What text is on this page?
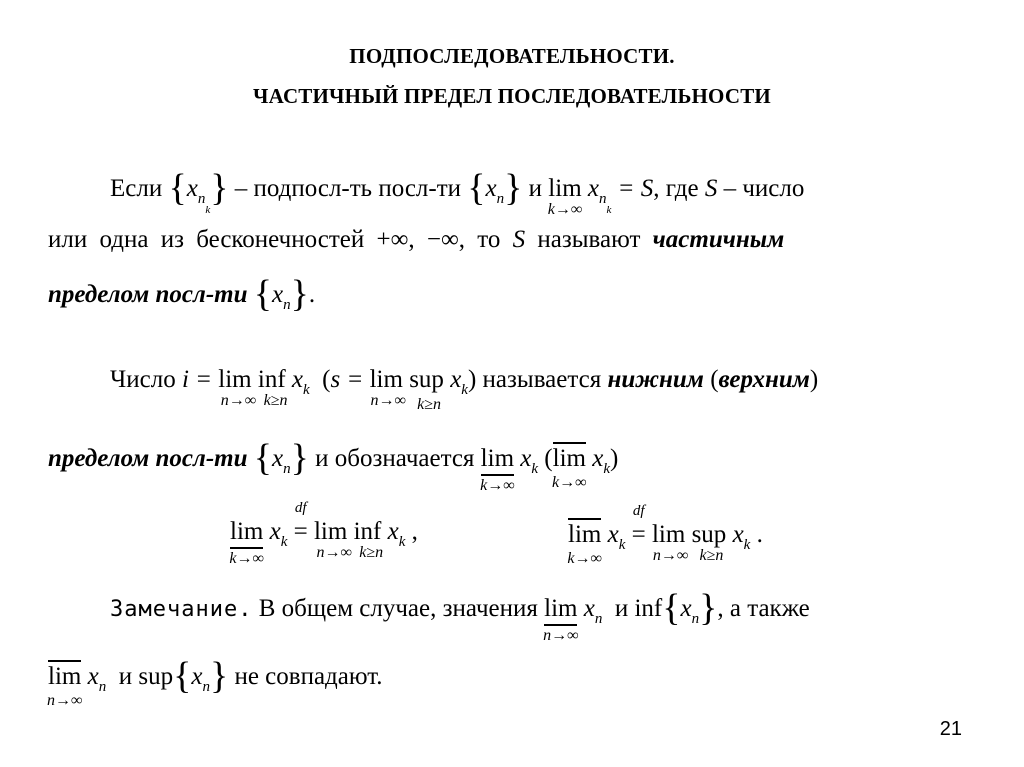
ПОДПОСЛЕДОВАТЕЛЬНОСТИ.
ЧАСТИЧНЫЙ ПРЕДЕЛ ПОСЛЕДОВАТЕЛЬНОСТИ
Если $\{x_{n_k}\}$ – подпосл-ть посл-ти $\{x_n\}$ и lim
k→∞
$x_{n_k} = S$, где S – число
или одна из бесконечностей +∞, −∞, то S называют частичным
пределом посл-ти $\{x_n\}$.
Число i = lim inf
n→∞ k≥n
$x_k$  (s = lim sup
n→∞ k≥n
$x_k$) называется нижним (верхним)
пределом посл-ти $\{x_n\}$ и обозначается lim
k→∞
$x_k$ (lim
k→∞
$x_k$)
lim
k→∞
$x_k$ =
df
lim inf
n→∞ k≥n
$x_k$ ,	lim
k→∞
$x_k$ =
df
lim sup
n→∞ k≥n
$x_k$ .
Замечание. В общем случае, значения lim
n→∞
$x_n$ и $inf\{x_n\}$, а также
lim
n→∞
$x_n$ и $sup\{x_n\}$ не совпадают.
21
